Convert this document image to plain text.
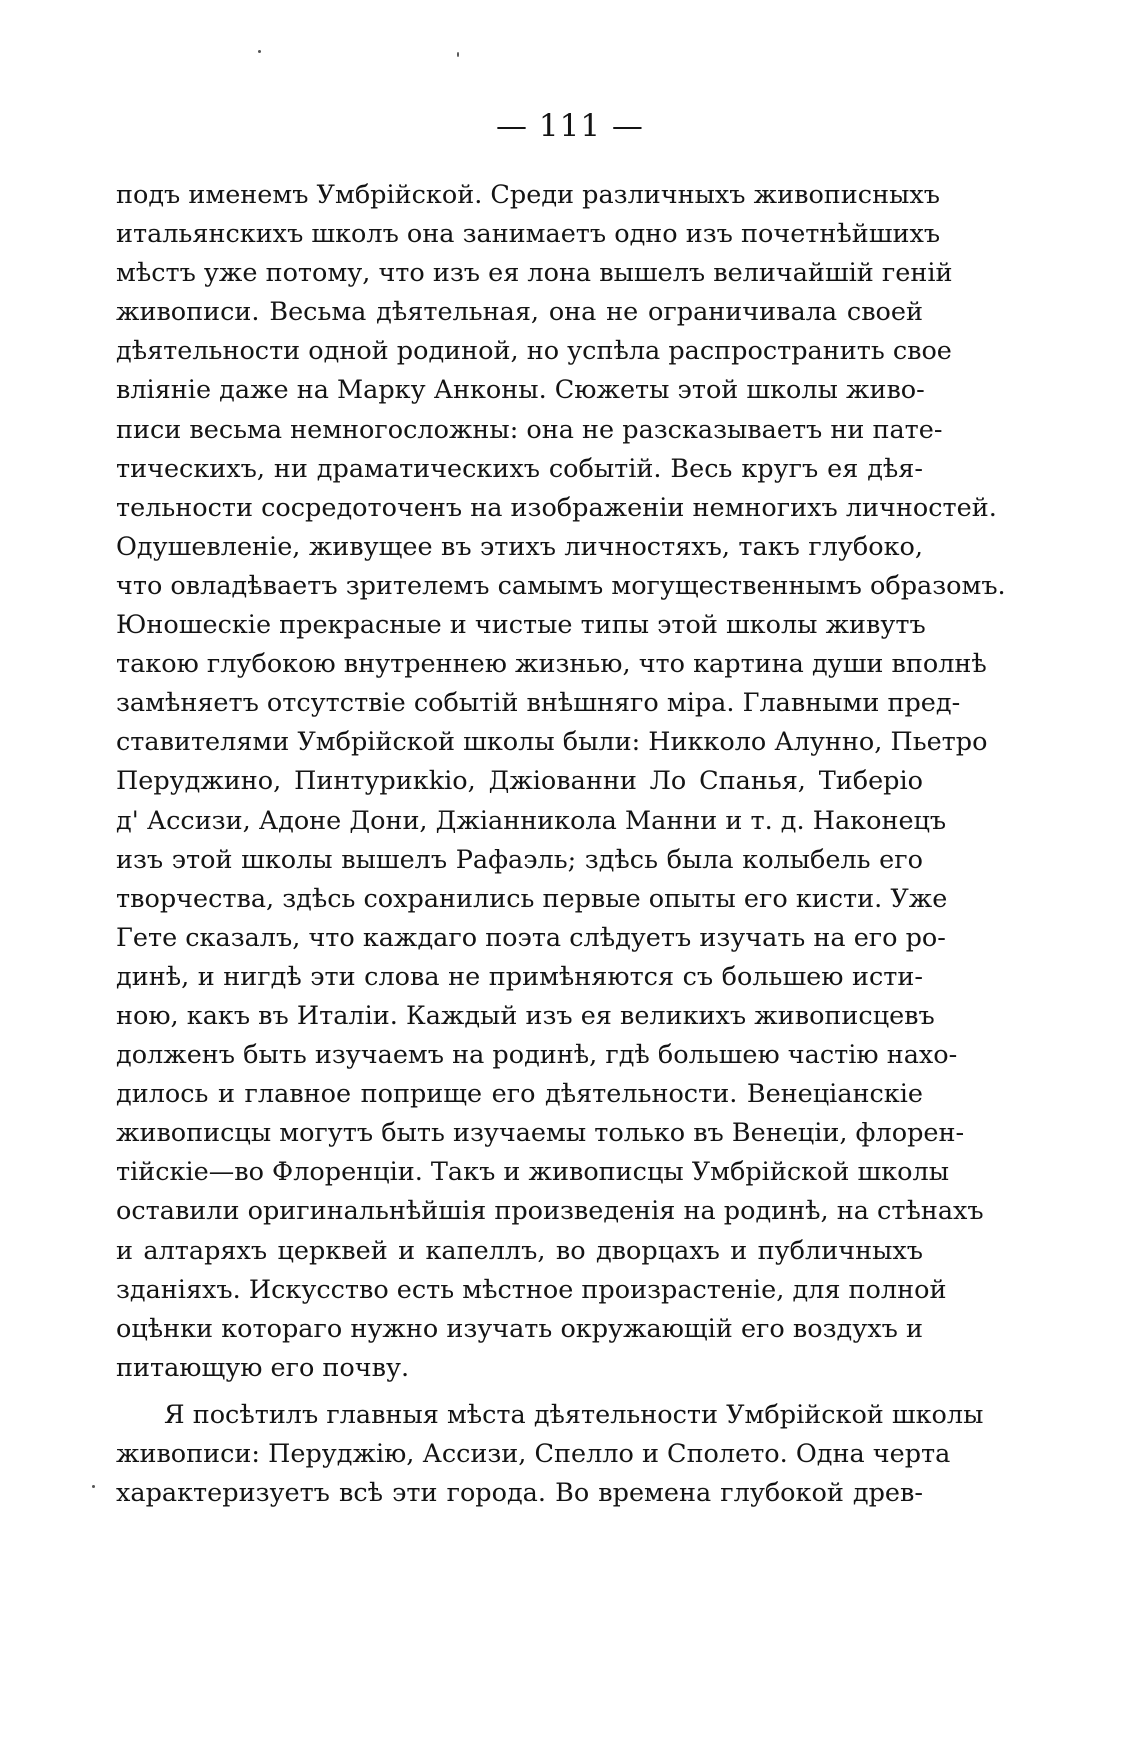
— 111 —
подъ именемъ Умбрійской. Среди различныхъ живописныхъ
итальянскихъ школъ она занимаетъ одно изъ почетнѣйшихъ
мѣстъ уже потому, что изъ ея лона вышелъ величайшій геній
живописи. Весьма дѣятельная, она не ограничивала своей
дѣятельности одной родиной, но успѣла распространить свое
вліяніе даже на Марку Анконы. Сюжеты этой школы живо-
писи весьма немногосложны: она не разсказываетъ ни пате-
тическихъ, ни драматическихъ событій. Весь кругъ ея дѣя-
тельности сосредоточенъ на изображеніи немногихъ личностей.
Одушевленіе, живущее въ этихъ личностяхъ, такъ глубоко,
что овладѣваетъ зрителемъ самымъ могущественнымъ образомъ.
Юношескіе прекрасные и чистые типы этой школы живутъ
такою глубокою внутреннею жизнью, что картина души вполнѣ
замѣняетъ отсутствіе событій внѣшняго міра. Главными пред-
ставителями Умбрійской школы были: Никколо Алунно, Пьетро
Перуджино, Пинтурикkіо, Джіованни Ло Спанья, Тиберіо
д' Ассизи, Адоне Дони, Джіанникола Манни и т. д. Наконецъ
изъ этой школы вышелъ Рафаэль; здѣсь была колыбель его
творчества, здѣсь сохранились первые опыты его кисти. Уже
Гете сказалъ, что каждаго поэта слѣдуетъ изучать на его ро-
динѣ, и нигдѣ эти слова не примѣняются съ большею исти-
ною, какъ въ Италіи. Каждый изъ ея великихъ живописцевъ
долженъ быть изучаемъ на родинѣ, гдѣ большею частію нахо-
дилось и главное поприще его дѣятельности. Венеціанскіе
живописцы могутъ быть изучаемы только въ Венеціи, флорен-
тійскіе—во Флоренціи. Такъ и живописцы Умбрійской школы
оставили оригинальнѣйшія произведенія на родинѣ, на стѣнахъ
и алтаряхъ церквей и капеллъ, во дворцахъ и публичныхъ
зданіяхъ. Искусство есть мѣстное произрастеніе, для полной
оцѣнки котораго нужно изучать окружающій его воздухъ и
питающую его почву.
Я посѣтилъ главныя мѣста дѣятельности Умбрійской школы
живописи: Перуджію, Ассизи, Спелло и Сполето. Одна черта
характеризуетъ всѣ эти города. Во времена глубокой древ-
